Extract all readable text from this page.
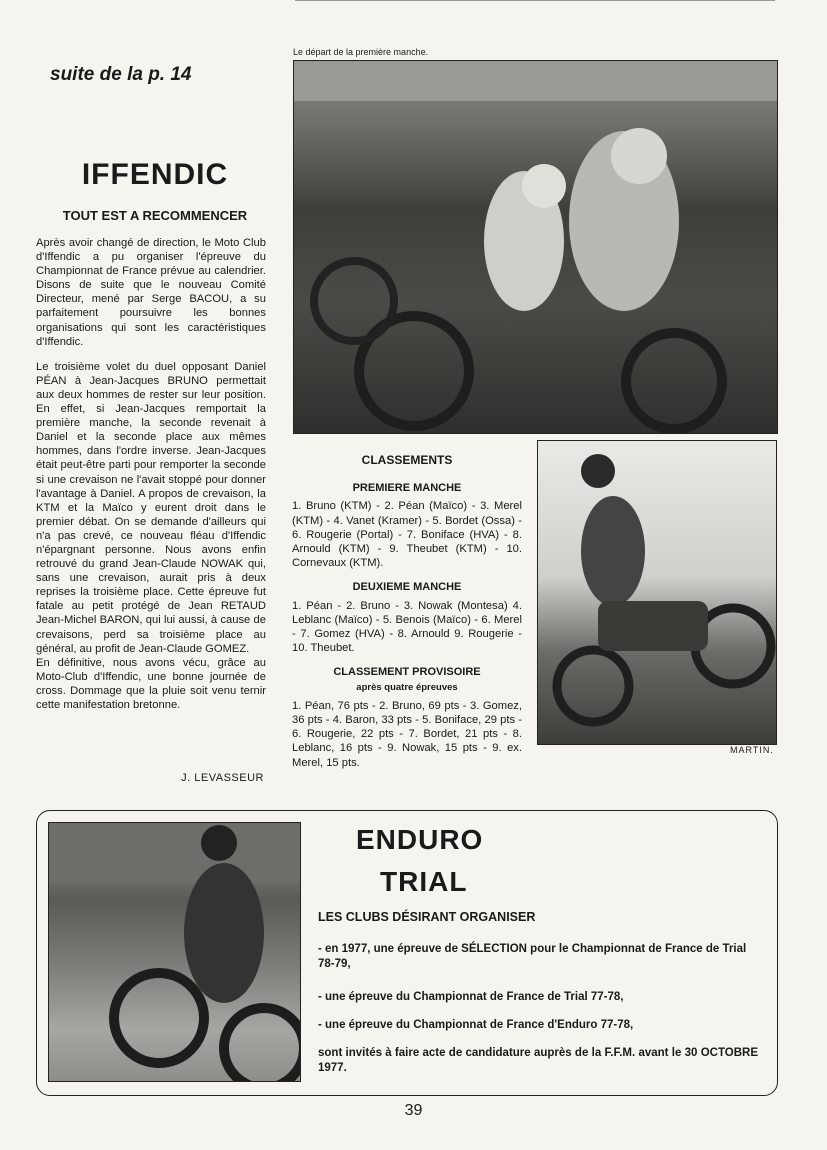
suite de la p. 14
IFFENDIC
TOUT EST A RECOMMENCER

Après avoir changé de direction, le Moto Club d'Iffendic a pu organiser l'épreuve du Championnat de France prévue au calendrier. Disons de suite que le nouveau Comité Directeur, mené par Serge BACOU, a su parfaitement poursuivre les bonnes organisations qui sont les caractéristiques d'Iffendic.

Le troisième volet du duel opposant Daniel PÉAN à Jean-Jacques BRUNO permettait aux deux hommes de rester sur leur position. En effet, si Jean-Jacques remportait la première manche, la seconde revenait à Daniel et la seconde place aux mêmes hommes, dans l'ordre inverse. Jean-Jacques était peut-être parti pour remporter la seconde si une crevaison ne l'avait stoppé pour donner l'avantage à Daniel. A propos de crevaison, la KTM et la Maïco y eurent droit dans le premier débat. On se demande d'ailleurs qui n'a pas crevé, ce nouveau fléau d'Iffendic n'épargnant personne. Nous avons enfin retrouvé du grand Jean-Claude NOWAK qui, sans une crevaison, aurait pris à deux reprises la troisième place. Cette épreuve fut fatale au petit protégé de Jean RETAUD Jean-Michel BARON, qui lui aussi, à cause de crevaisons, perd sa troisième place au général, au profit de Jean-Claude GOMEZ.

En définitive, nous avons vécu, grâce au Moto-Club d'Iffendic, une bonne journée de cross. Dommage que la pluie soit venu ternir cette manifestation bretonne.

J. LEVASSEUR
Le départ de la première manche.
CLASSEMENTS
PREMIERE MANCHE
1. Bruno (KTM) - 2. Péan (Maïco) - 3. Merel (KTM) - 4. Vanet (Kramer) - 5. Bordet (Ossa) - 6. Rougerie (Portal) - 7. Boniface (HVA) - 8. Arnould (KTM) - 9. Theubet (KTM) - 10. Cornevaux (KTM).
DEUXIEME MANCHE
1. Péan - 2. Bruno - 3. Nowak (Montesa) 4. Leblanc (Maïco) - 5. Benois (Maïco) - 6. Merel - 7. Gomez (HVA) - 8. Arnould 9. Rougerie - 10. Theubet.
CLASSEMENT PROVISOIRE
après quatre épreuves
1. Péan, 76 pts - 2. Bruno, 69 pts - 3. Gomez, 36 pts - 4. Baron, 33 pts - 5. Boniface, 29 pts - 6. Rougerie, 22 pts - 7. Bordet, 21 pts - 8. Leblanc, 16 pts - 9. Nowak, 15 pts - 9. ex. Merel, 15 pts.
MARTIN.
ENDURO
TRIAL
LES CLUBS DÉSIRANT ORGANISER
- en 1977, une épreuve de SÉLECTION pour le Championnat de France de Trial 78-79,
- une épreuve du Championnat de France de Trial 77-78,
- une épreuve du Championnat de France d'Enduro 77-78,
sont invités à faire acte de candidature auprès de la F.F.M. avant le 30 OCTOBRE 1977.
39
